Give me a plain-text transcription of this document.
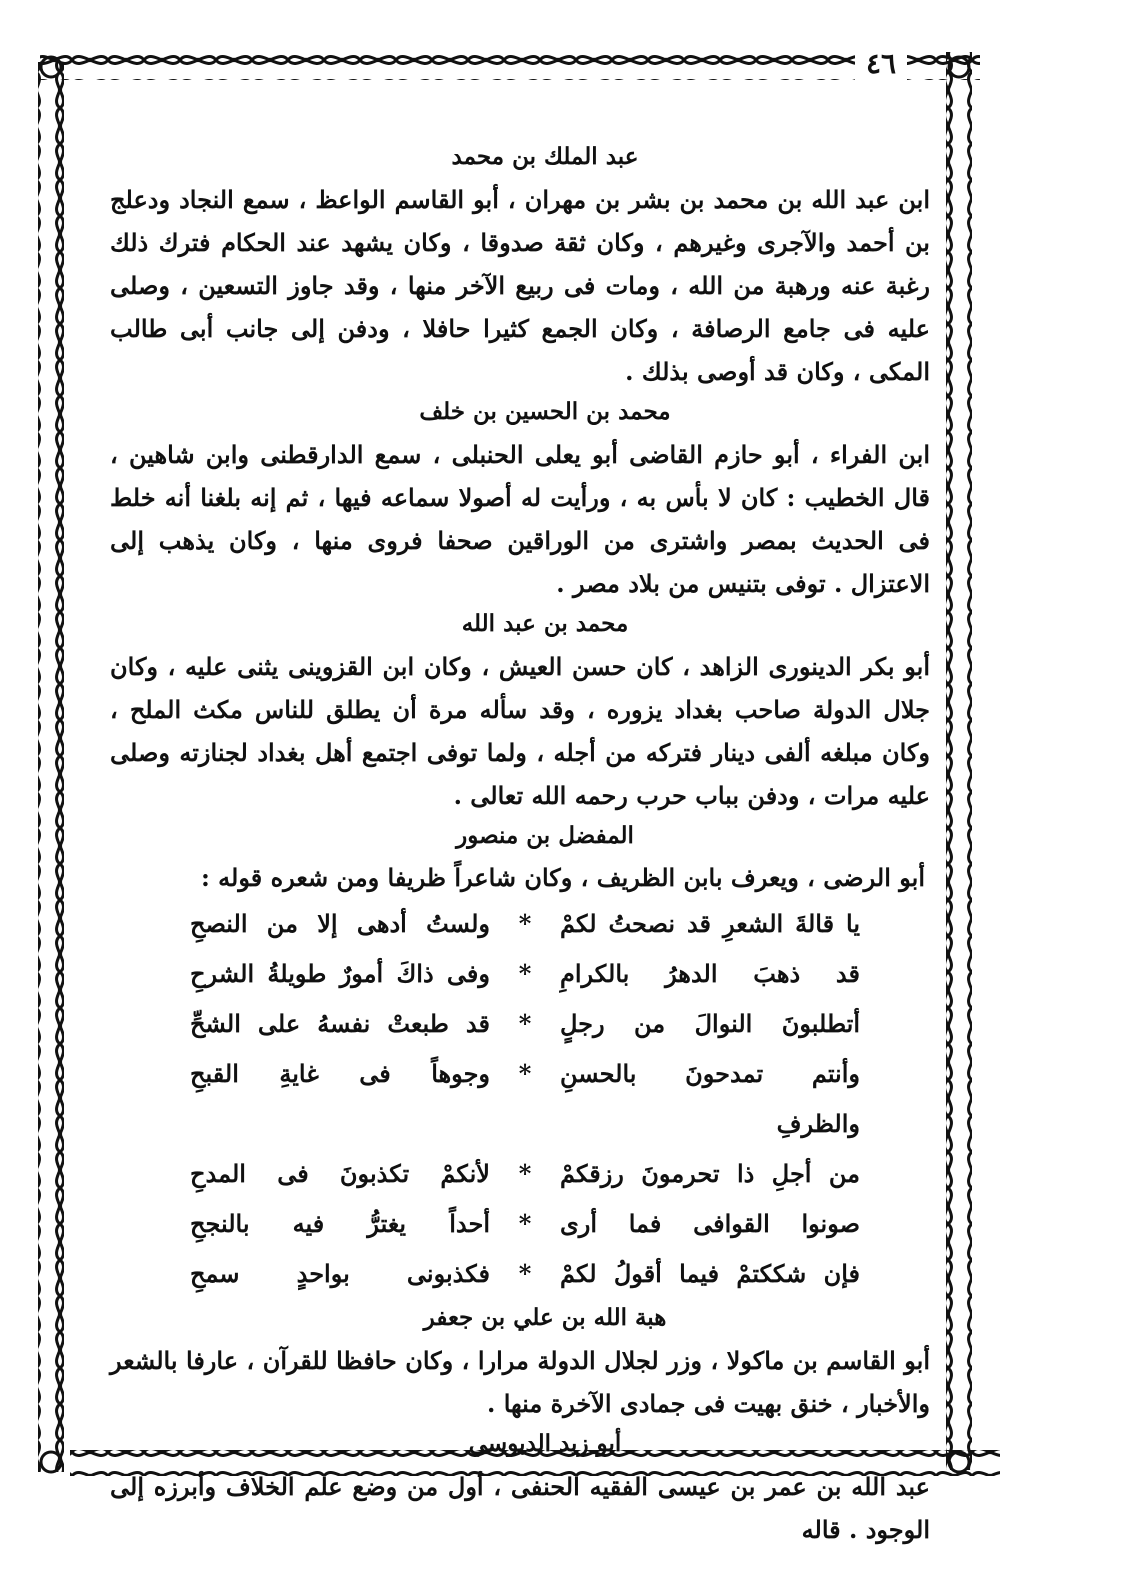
٤٦
عبد الملك بن محمد

ابن عبد الله بن محمد بن بشر بن مهران ، أبو القاسم الواعظ ، سمع النجاد ودعلج بن أحمد والآجرى وغيرهم ، وكان ثقة صدوقا ، وكان يشهد عند الحكام فترك ذلك رغبة عنه ورهبة من الله ، ومات فى ربيع الآخر منها ، وقد جاوز التسعين ، وصلى عليه فى جامع الرصافة ، وكان الجمع كثيرا حافلا ، ودفن إلى جانب أبى طالب المكى ، وكان قد أوصى بذلك .

محمد بن الحسين بن خلف

ابن الفراء ، أبو حازم القاضى أبو يعلى الحنبلى ، سمع الدارقطنى وابن شاهين ، قال الخطيب : كان لا بأس به ، ورأيت له أصولا سماعه فيها ، ثم إنه بلغنا أنه خلط فى الحديث بمصر واشترى من الوراقين صحفا فروى منها ، وكان يذهب إلى الاعتزال . توفى بتنيس من بلاد مصر .

محمد بن عبد الله

أبو بكر الدينورى الزاهد ، كان حسن العيش ، وكان ابن القزوينى يثنى عليه ، وكان جلال الدولة صاحب بغداد يزوره ، وقد سأله مرة أن يطلق للناس مكث الملح ، وكان مبلغه ألفى دينار فتركه من أجله ، ولما توفى اجتمع أهل بغداد لجنازته وصلى عليه مرات ، ودفن بباب حرب رحمه الله تعالى .

المفضل بن منصور
أبو الرضى ، ويعرف بابن الظريف ، وكان شاعراً ظريفا ومن شعره قوله :
يا قالةَ الشعرِ قد نصحتُ لكمْ
*
ولستُ أدهى إلا من النصحِ
قد ذهبَ الدهرُ بالكرامِ
*
وفى ذاكَ أمورٌ طويلةُ الشرحِ
أتطلبونَ النوالَ من رجلٍ
*
قد طبعتْ نفسهُ على الشحِّ
وأنتم تمدحونَ بالحسنِ والظرفِ
*
وجوهاً فى غايةِ القبحِ
من أجلِ ذا تحرمونَ رزقكمْ
*
لأنكمْ تكذبونَ فى المدحِ
صونوا القوافى فما أرى
*
أحداً يغترُّ فيه بالنجحِ
فإن شككتمْ فيما أقولُ لكمْ
*
فكذبونى بواحدٍ سمحِ
هبة الله بن علي بن جعفر

أبو القاسم بن ماكولا ، وزر لجلال الدولة مرارا ، وكان حافظا للقرآن ، عارفا بالشعر والأخبار ، خنق بهيت فى جمادى الآخرة منها .

أبو زيد الدبوسي

عبد الله بن عمر بن عيسى الفقيه الحنفى ، أول من وضع علم الخلاف وأبرزه إلى الوجود . قاله
